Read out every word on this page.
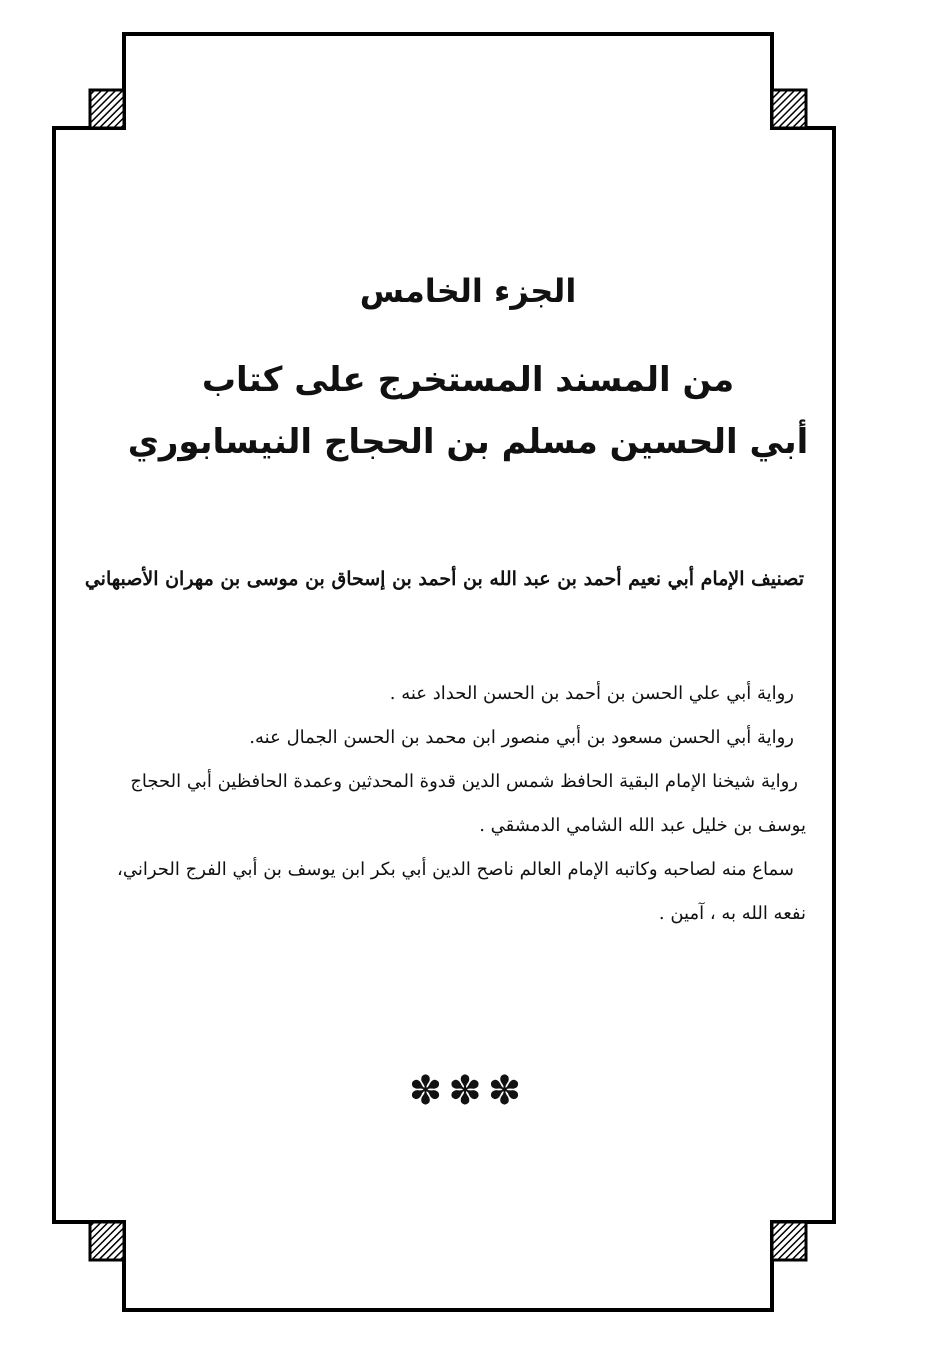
الجزء الخامس
من المسند المستخرج على كتاب
أبي الحسين مسلم بن الحجاج النيسابوري
تصنيف الإمام أبي نعيم أحمد بن عبد الله بن أحمد بن إسحاق بن موسى بن مهران الأصبهاني
رواية أبي علي الحسن بن أحمد بن الحسن الحداد عنه .
رواية أبي الحسن مسعود بن أبي منصور ابن محمد بن الحسن الجمال عنه.
رواية شيخنا الإمام البقية الحافظ شمس الدين قدوة المحدثين وعمدة الحافظين أبي الحجاج
يوسف بن خليل عبد الله الشامي الدمشقي .
سماع منه لصاحبه وكاتبه الإمام العالم ناصح الدين أبي بكر ابن يوسف بن أبي الفرج الحراني،
نفعه الله به ، آمين .
✽✽✽
